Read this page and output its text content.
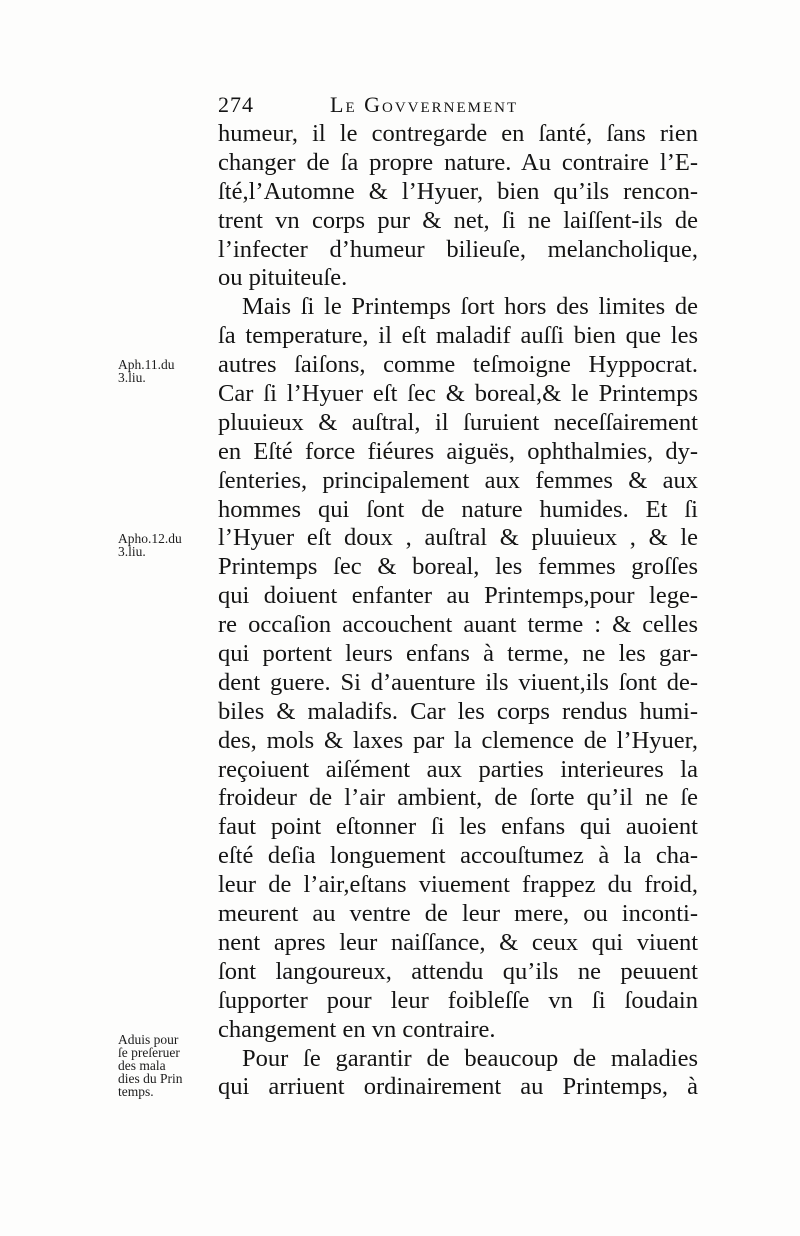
274	Le Govvernement
humeur, il le contregarde en ſanté, ſans rien
changer de ſa propre nature. Au contraire l’E-
ſté,l’Automne & l’Hyuer, bien qu’ils rencon-
trent vn corps pur & net, ſi ne laiſſent-ils de
l’infecter d’humeur bilieuſe, melancholique,
ou pituiteuſe.
Mais ſi le Printemps ſort hors des limites de
ſa temperature, il eſt maladif auſſi bien que les
autres ſaiſons, comme teſmoigne Hyppocrat.
Car ſi l’Hyuer eſt ſec & boreal,& le Printemps
pluuieux & auſtral, il ſuruient neceſſairement
en Eſté force fiéures aiguës, ophthalmies, dy-
ſenteries, principalement aux femmes & aux
hommes qui ſont de nature humides. Et ſi
l’Hyuer eſt doux , auſtral & pluuieux , & le
Printemps ſec & boreal, les femmes groſſes
qui doiuent enfanter au Printemps,pour lege-
re occaſion accouchent auant terme : & celles
qui portent leurs enfans à terme, ne les gar-
dent guere. Si d’auenture ils viuent,ils ſont de-
biles & maladifs. Car les corps rendus humi-
des, mols & laxes par la clemence de l’Hyuer,
reçoiuent aiſément aux parties interieures la
froideur de l’air ambient, de ſorte qu’il ne ſe
faut point eſtonner ſi les enfans qui auoient
eſté deſia longuement accouſtumez à la cha-
leur de l’air,eſtans viuement frappez du froid,
meurent au ventre de leur mere, ou inconti-
nent apres leur naiſſance, & ceux qui viuent
ſont langoureux, attendu qu’ils ne peuuent
ſupporter pour leur foibleſſe vn ſi ſoudain
changement en vn contraire.
Pour ſe garantir de beaucoup de maladies
qui arriuent ordinairement au Printemps, à
Aph.11.du
3.liu.
Apho.12.du
3.liu.
Aduis pour
ſe preſeruer
des mala
dies du Prin
temps.
